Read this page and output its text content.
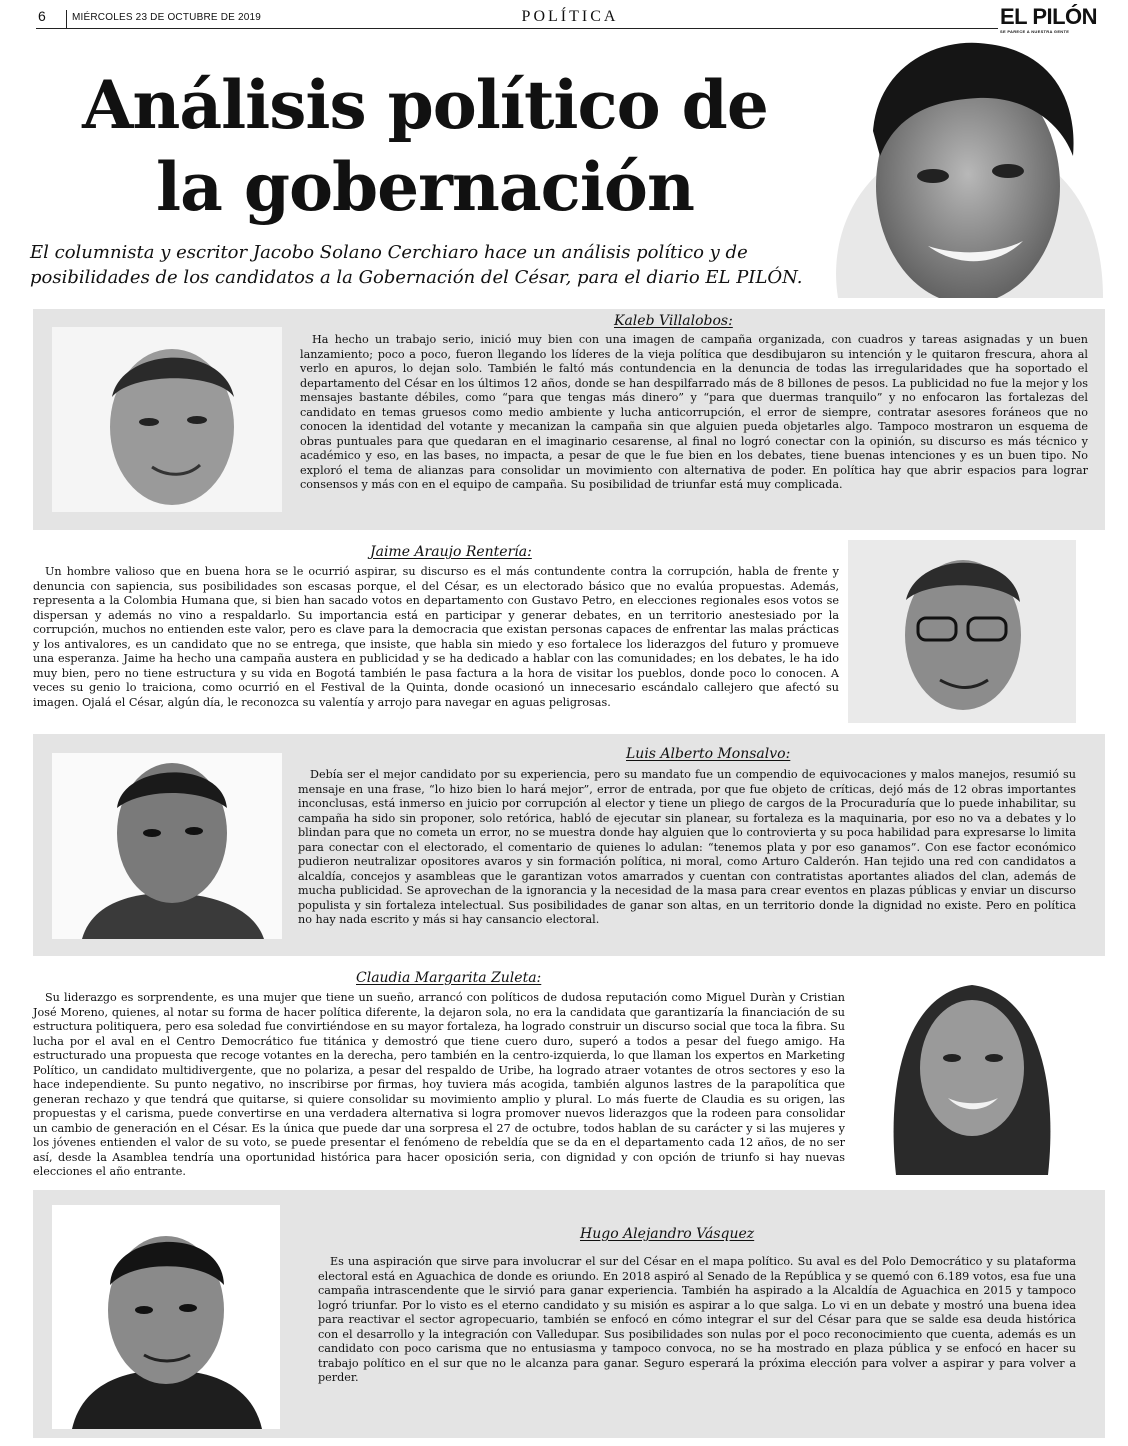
6	MIÉRCOLES 23 DE OCTUBRE DE 2019	POLÍTICA	EL PILÓN
SE PARECE A NUESTRA GENTE
Análisis político de
la gobernación
El columnista y escritor Jacobo Solano Cerchiaro hace un análisis político y de posibilidades de los candidatos a la Gobernación del César, para el diario EL PILÓN.
Kaleb Villalobos:

Ha hecho un trabajo serio, inició muy bien con una imagen de campaña organizada, con cuadros y tareas asignadas y un buen lanzamiento; poco a poco, fueron llegando los líderes de la vieja política que desdibujaron su intención y le quitaron frescura, ahora al verlo en apuros, lo dejan solo. También le faltó más contundencia en la denuncia de todas las irregularidades que ha soportado el departamento del César en los últimos 12 años, donde se han despilfarrado más de 8 billones de pesos. La publicidad no fue la mejor y los mensajes bastante débiles, como “para que tengas más dinero” y “para que duermas tranquilo” y no enfocaron las fortalezas del candidato en temas gruesos como medio ambiente y lucha anticorrupción, el error de siempre, contratar asesores foráneos que no conocen la identidad del votante y mecanizan la campaña sin que alguien pueda objetarles algo. Tampoco mostraron un esquema de obras puntuales para que quedaran en el imaginario cesarense, al final no logró conectar con la opinión, su discurso es más técnico y académico y eso, en las bases, no impacta, a pesar de que le fue bien en los debates, tiene buenas intenciones y es un buen tipo. No exploró el tema de alianzas para consolidar un movimiento con alternativa de poder. En política hay que abrir espacios para lograr consensos y más con en el equipo de campaña. Su posibilidad de triunfar está muy complicada.

Jaime Araujo Rentería:

Un hombre valioso que en buena hora se le ocurrió aspirar, su discurso es el más contundente contra la corrupción, habla de frente y denuncia con sapiencia, sus posibilidades son escasas porque, el del César, es un electorado básico que no evalúa propuestas. Además, representa a la Colombia Humana que, si bien han sacado votos en departamento con Gustavo Petro, en elecciones regionales esos votos se dispersan y además no vino a respaldarlo. Su importancia está en participar y generar debates, en un territorio anestesiado por la corrupción, muchos no entienden este valor, pero es clave para la democracia que existan personas capaces de enfrentar las malas prácticas y los antivalores, es un candidato que no se entrega, que insiste, que habla sin miedo y eso fortalece los liderazgos del futuro y promueve una esperanza. Jaime ha hecho una campaña austera en publicidad y se ha dedicado a hablar con las comunidades; en los debates, le ha ido muy bien, pero no tiene estructura y su vida en Bogotá también le pasa factura a la hora de visitar los pueblos, donde poco lo conocen. A veces su genio lo traiciona, como ocurrió en el Festival de la Quinta, donde ocasionó un innecesario escándalo callejero que afectó su imagen. Ojalá el César, algún día, le reconozca su valentía y arrojo para navegar en aguas peligrosas.

Luis Alberto Monsalvo:

Debía ser el mejor candidato por su experiencia, pero su mandato fue un compendio de equivocaciones y malos manejos, resumió su mensaje en una frase, “lo hizo bien lo hará mejor”, error de entrada, por que fue objeto de críticas, dejó más de 12 obras importantes inconclusas, está inmerso en juicio por corrupción al elector y tiene un pliego de cargos de la Procuraduría que lo puede inhabilitar, su campaña ha sido sin proponer, solo retórica, habló de ejecutar sin planear, su fortaleza es la maquinaria, por eso no va a debates y lo blindan para que no cometa un error, no se muestra donde hay alguien que lo controvierta y su poca habilidad para expresarse lo limita para conectar con el electorado, el comentario de quienes lo adulan: “tenemos plata y por eso ganamos”. Con ese factor económico pudieron neutralizar opositores avaros y sin formación política, ni moral, como Arturo Calderón. Han tejido una red con candidatos a alcaldía, concejos y asambleas que le garantizan votos amarrados y cuentan con contratistas aportantes aliados del clan, además de mucha publicidad. Se aprovechan de la ignorancia y la necesidad de la masa para crear eventos en plazas públicas y enviar un discurso populista y sin fortaleza intelectual. Sus posibilidades de ganar son altas, en un territorio donde la dignidad no existe. Pero en política no hay nada escrito y más si hay cansancio electoral.

Claudia Margarita Zuleta:

Su liderazgo es sorprendente, es una mujer que tiene un sueño, arrancó con políticos de dudosa reputación como Miguel Duràn y Cristian José Moreno, quienes, al notar su forma de hacer política diferente, la dejaron sola, no era la candidata que garantizaría la financiación de su estructura politiquera, pero esa soledad fue convirtiéndose en su mayor fortaleza, ha logrado construir un discurso social que toca la fibra. Su lucha por el aval en el Centro Democrático fue titánica y demostró que tiene cuero duro, superó a todos a pesar del fuego amigo. Ha estructurado una propuesta que recoge votantes en la derecha, pero también en la centro-izquierda, lo que llaman los expertos en Marketing Político, un candidato multidivergente, que no polariza, a pesar del respaldo de Uribe, ha logrado atraer votantes de otros sectores y eso la hace independiente. Su punto negativo, no inscribirse por firmas, hoy tuviera más acogida, también algunos lastres de la parapolítica que generan rechazo y que tendrá que quitarse, si quiere consolidar su movimiento amplio y plural. Lo más fuerte de Claudia es su origen, las propuestas y el carisma, puede convertirse en una verdadera alternativa si logra promover nuevos liderazgos que la rodeen para consolidar un cambio de generación en el César. Es la única que puede dar una sorpresa el 27 de octubre, todos hablan de su carácter y si las mujeres y los jóvenes entienden el valor de su voto, se puede presentar el fenómeno de rebeldía que se da en el departamento cada 12 años, de no ser así, desde la Asamblea tendría una oportunidad histórica para hacer oposición seria, con dignidad y con opción de triunfo si hay nuevas elecciones el año entrante.

Hugo Alejandro Vásquez

Es una aspiración que sirve para involucrar el sur del César en el mapa político. Su aval es del Polo Democrático y su plataforma electoral está en Aguachica de donde es oriundo. En 2018 aspiró al Senado de la República y se quemó con 6.189 votos, esa fue una campaña intrascendente que le sirvió para ganar experiencia. También ha aspirado a la Alcaldía de Aguachica en 2015 y tampoco logró triunfar. Por lo visto es el eterno candidato y su misión es aspirar a lo que salga. Lo vi en un debate y mostró una buena idea para reactivar el sector agropecuario, también se enfocó en cómo integrar el sur del César para que se salde esa deuda histórica con el desarrollo y la integración con Valledupar. Sus posibilidades son nulas por el poco reconocimiento que cuenta, además es un candidato con poco carisma que no entusiasma y tampoco convoca, no se ha mostrado en plaza pública y se enfocó en hacer su trabajo político en el sur que no le alcanza para ganar. Seguro esperará la próxima elección para volver a aspirar y para volver a perder.
